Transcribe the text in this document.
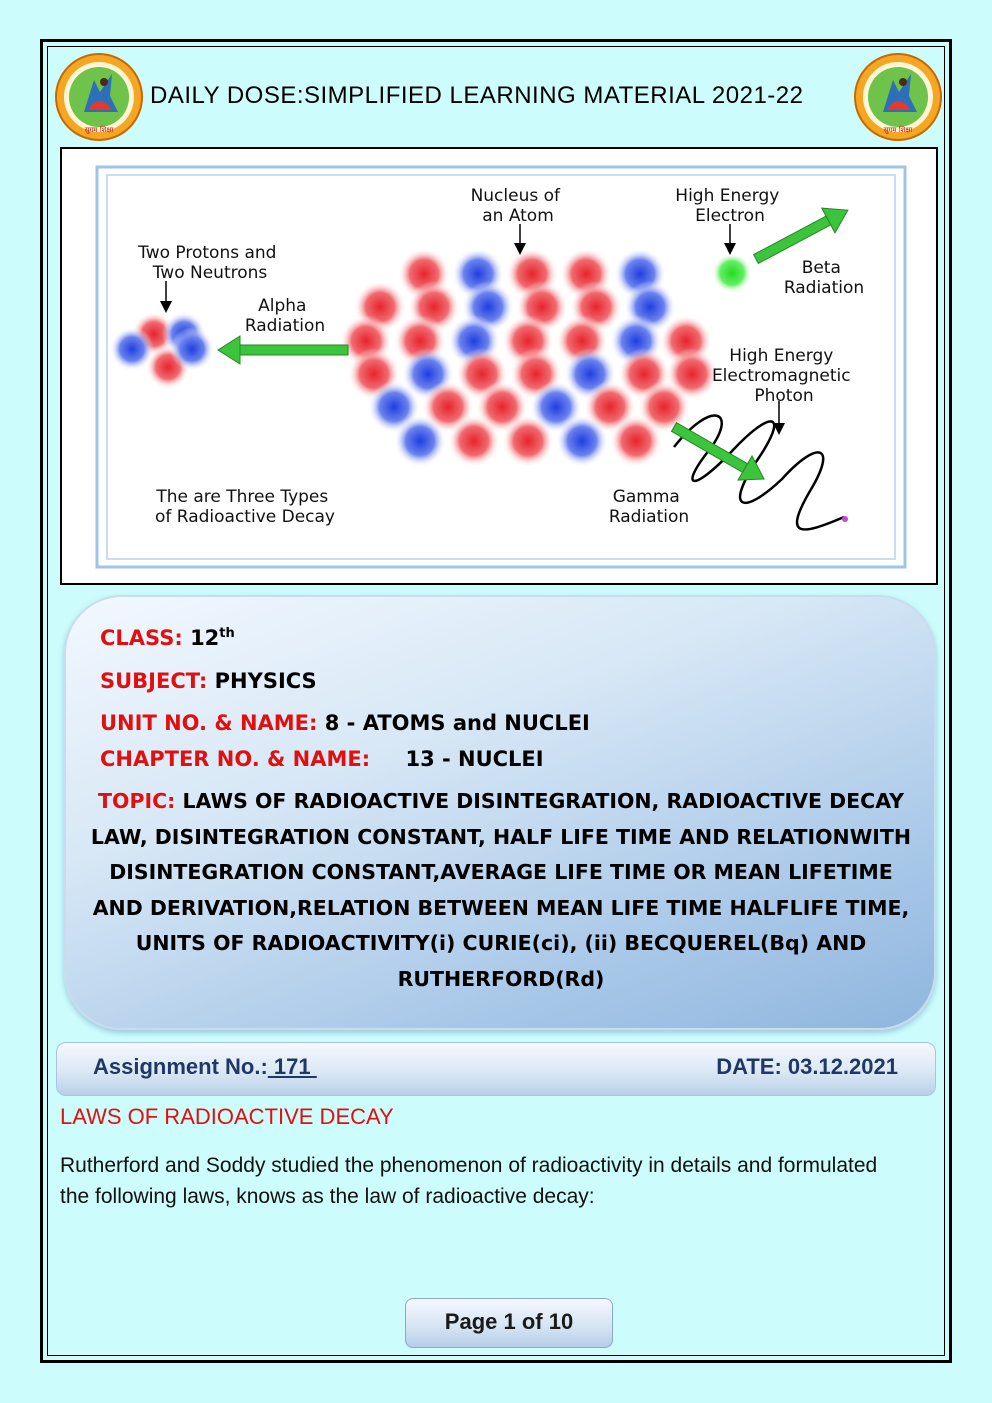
सुगम शिक्षा	सुगम शिक्षा
DAILY DOSE:SIMPLIFIED LEARNING MATERIAL 2021-22
Nucleus of an Atom
Two Protons and Two Neutrons
Alpha Radiation
High Energy Electron
Beta Radiation
High Energy Electromagnetic Photon
The are Three Types of Radioactive Decay
Gamma Radiation
CLASS: 12th
SUBJECT: PHYSICS
UNIT NO. & NAME: 8 - ATOMS and NUCLEI
CHAPTER NO. & NAME: 13 - NUCLEI
TOPIC: LAWS OF RADIOACTIVE DISINTEGRATION, RADIOACTIVE DECAY LAW, DISINTEGRATION CONSTANT, HALF LIFE TIME AND RELATIONWITH DISINTEGRATION CONSTANT,AVERAGE LIFE TIME OR MEAN LIFETIME AND DERIVATION,RELATION BETWEEN MEAN LIFE TIME HALFLIFE TIME, UNITS OF RADIOACTIVITY(i) CURIE(ci), (ii) BECQUEREL(Bq) AND RUTHERFORD(Rd)
Assignment No.: 171	DATE: 03.12.2021
LAWS OF RADIOACTIVE DECAY
Rutherford and Soddy studied the phenomenon of radioactivity in details and formulated the following laws, knows as the law of radioactive decay:
Page 1 of 10
